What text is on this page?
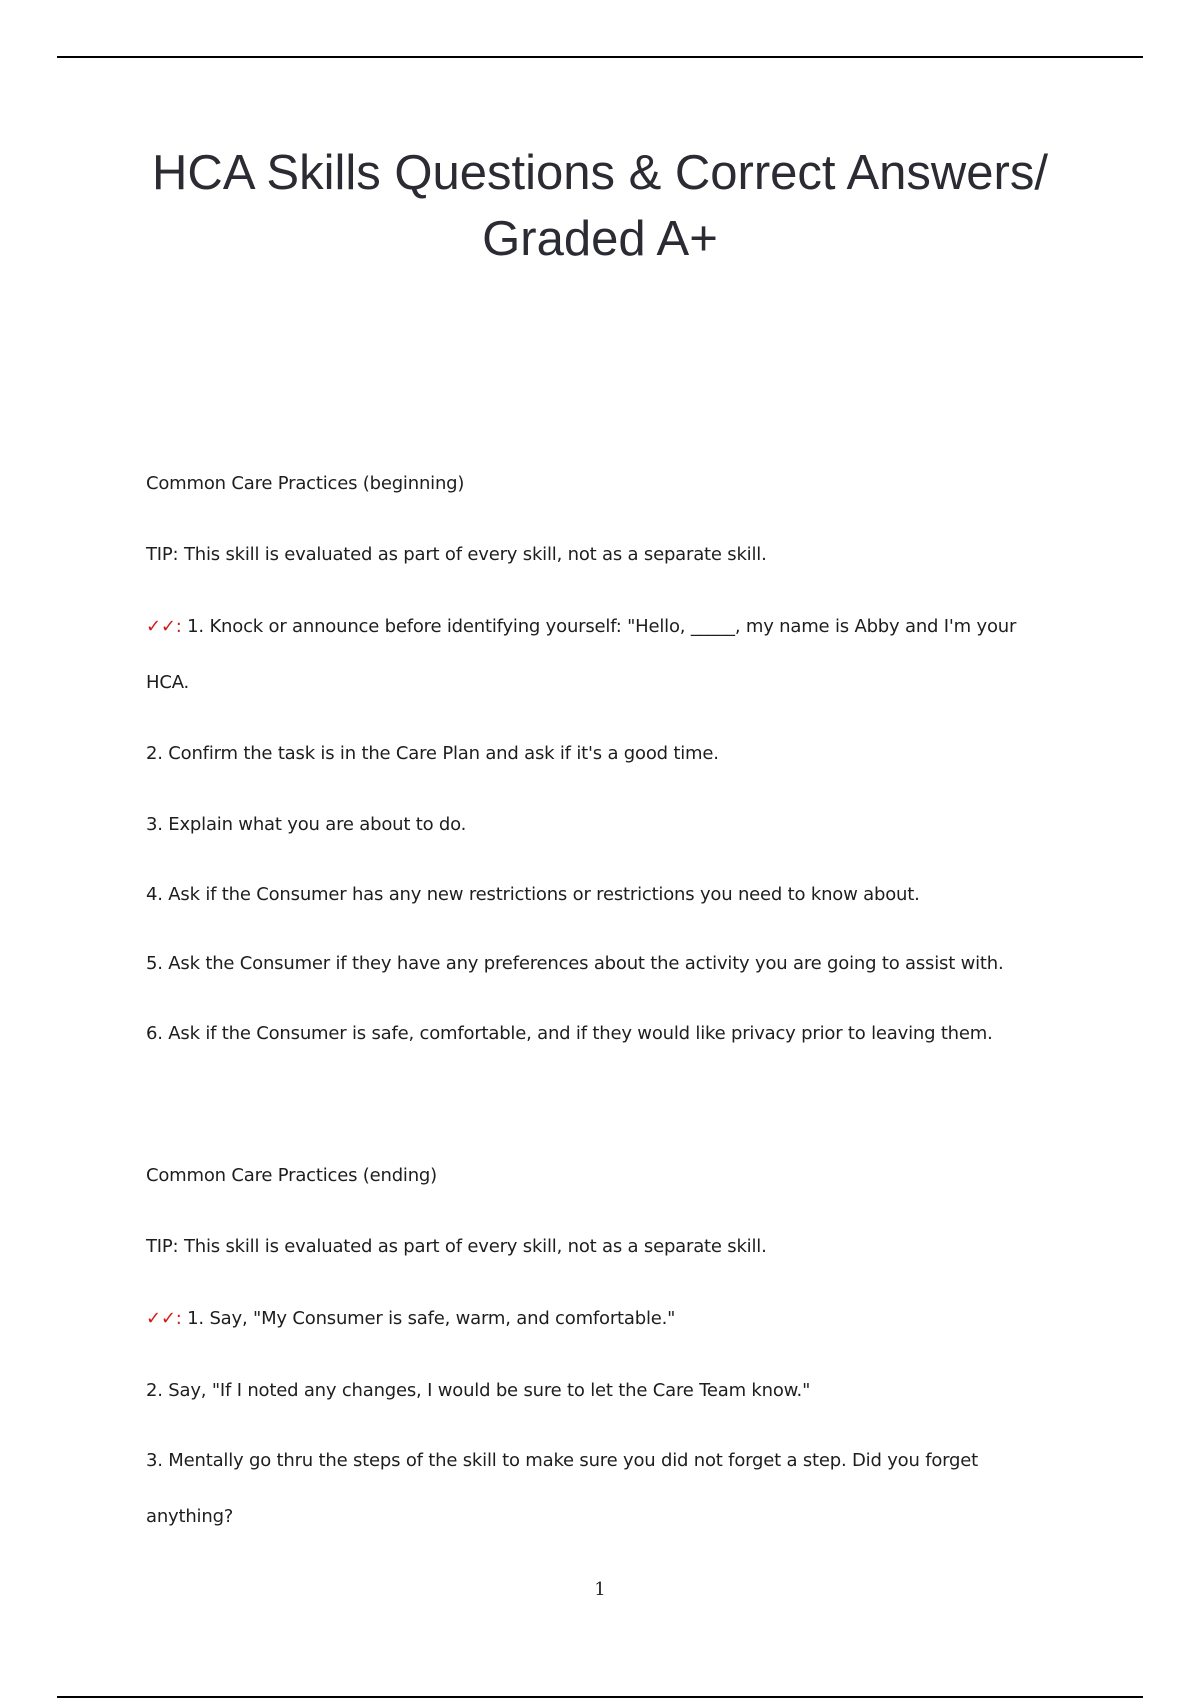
HCA Skills Questions & Correct Answers/
Graded A+

Common Care Practices (beginning)

TIP: This skill is evaluated as part of every skill, not as a separate skill.

✓✓: 1. Knock or announce before identifying yourself: "Hello, _____, my name is Abby and I'm your

HCA.

2. Confirm the task is in the Care Plan and ask if it's a good time.

3. Explain what you are about to do.

4. Ask if the Consumer has any new restrictions or restrictions you need to know about.

5. Ask the Consumer if they have any preferences about the activity you are going to assist with.

6. Ask if the Consumer is safe, comfortable, and if they would like privacy prior to leaving them.

Common Care Practices (ending)

TIP: This skill is evaluated as part of every skill, not as a separate skill.

✓✓: 1. Say, "My Consumer is safe, warm, and comfortable."

2. Say, "If I noted any changes, I would be sure to let the Care Team know."

3. Mentally go thru the steps of the skill to make sure you did not forget a step. Did you forget

anything?

1
